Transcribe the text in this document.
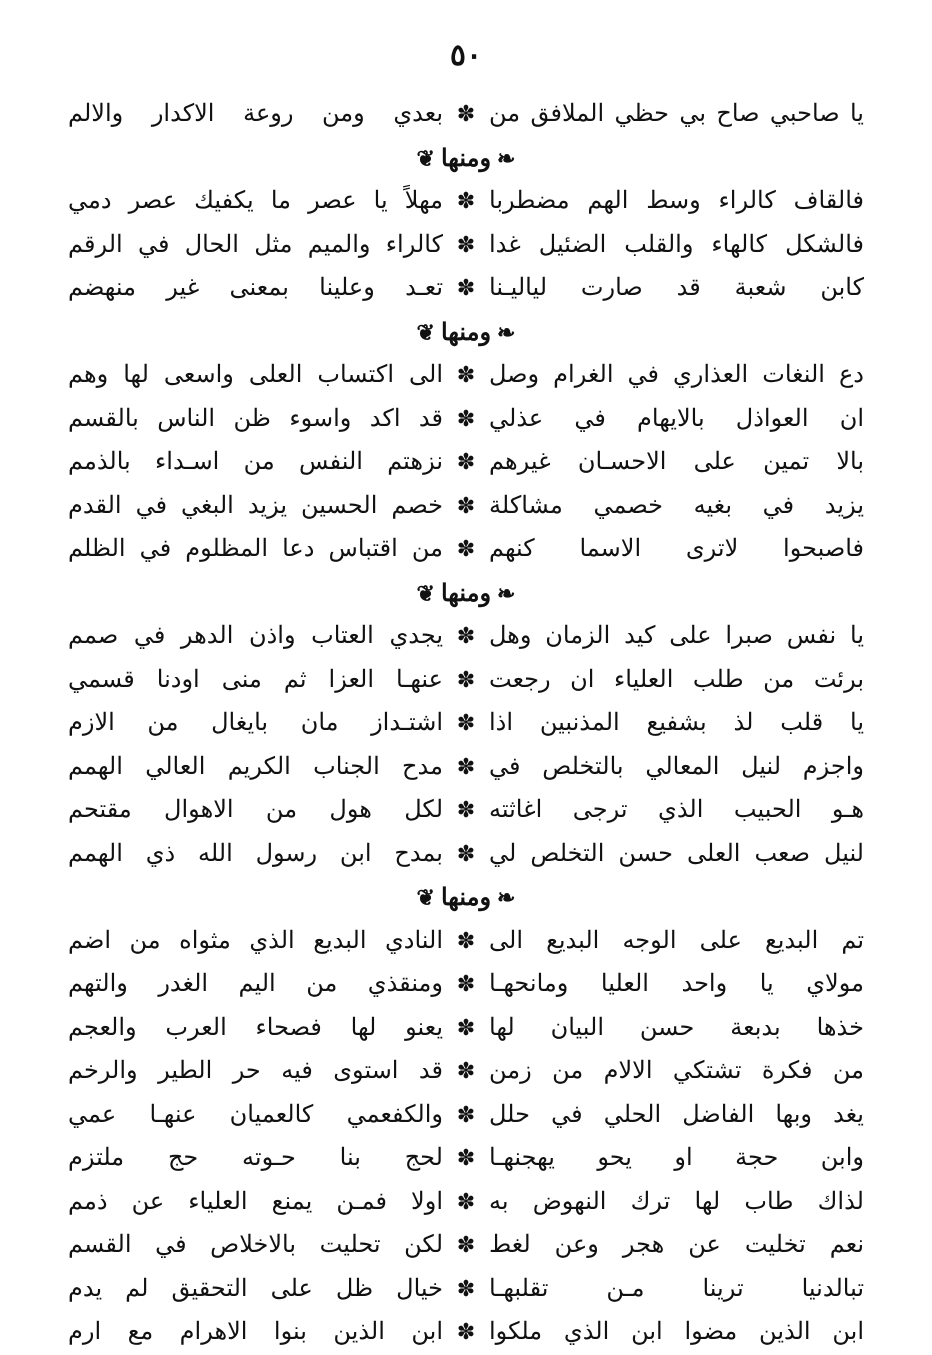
٥٠
يا صاحبي صاح بي حظي الملافق من
✽
بعدي ومن روعة الاكدار والالم
❧ومنها❦
فالقاف كالراء وسط الهم مضطربا
✽
مهلاً يا عصر ما يكفيك عصر دمي
فالشكل كالهاء والقلب الضئيل غدا
✽
كالراء والميم مثل الحال في الرقم
كابن شعبة قد صارت لياليـنا
✽
تعـد وعلينا بمعنى غير منهضم
❧ومنها❦
دع النغات العذاري في الغرام وصل
✽
الى اكتساب العلى واسعى لها وهم
ان العواذل بالايهام في عذلي
✽
قد اكد واسوء ظن الناس بالقسم
بالا تمين على الاحسـان غيرهم
✽
نزهتم النفس من اسـداء بالذمم
يزيد في بغيه خصمي مشاكلة
✽
خصم الحسين يزيد البغي في القدم
فاصبحوا لاترى الاسما كنهم
✽
من اقتباس دعا المظلوم في الظلم
❧ومنها❦
يا نفس صبرا على كيد الزمان وهل
✽
يجدي العتاب واذن الدهر في صمم
برئت من طلب العلياء ان رجعت
✽
عنهـا العزا ثم منى اودنا قسمي
يا قلب لذ بشفيع المذنبين اذا
✽
اشتـداز مان بايغال من الازم
واجزم لنيل المعالي بالتخلص في
✽
مدح الجناب الكريم العالي الهمم
هـو الحبيب الذي ترجى اغاثته
✽
لكل هول من الاهوال مقتحم
لنيل صعب العلى حسن التخلص لي
✽
بمدح ابن رسول الله ذي الهمم
❧ومنها❦
تم البديع على الوجه البديع الى
✽
النادي البديع الذي مثواه من اضم
مولاي يا واحد العليا ومانحهـا
✽
ومنقذي من اليم الغدر والتهم
خذها بدبعة حسن البيان لها
✽
يعنو لها فصحاء العرب والعجم
من فكرة تشتكي الالام من زمن
✽
قد استوى فيه حر الطير والرخم
يغد وبها الفاضل الحلي في حلل
✽
والكفعمي كالعميان عنهـا عمي
وابن حجة او يحو يهجنهـا
✽
لحج بنا حـوته حج ملتزم
لذاك طاب لها ترك النهوض به
✽
اولا فمـن يمنع العلياء عن ذمم
نعم تخليت عن هجر وعن لغط
✽
لكن تحليت بالاخلاص في القسم
تبالدنيا ترينا مـن تقلبهـا
✽
خيال ظل على التحقيق لم يدم
ابن الذين مضوا ابن الذي ملكوا
✽
ابن الذين بنوا الاهرام مع ارم
